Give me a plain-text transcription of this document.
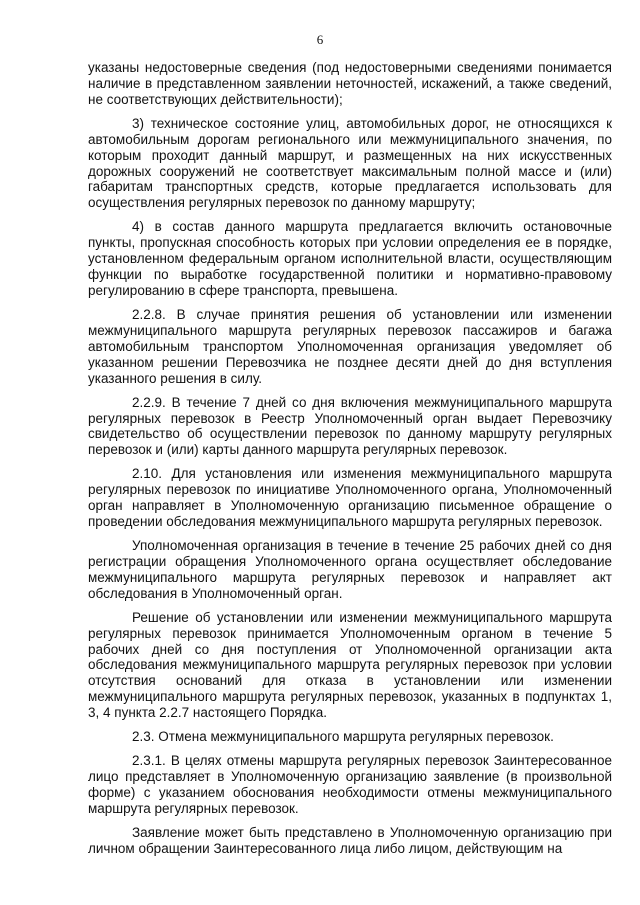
6

указаны недостоверные сведения (под недостоверными сведениями понимается наличие в представленном заявлении неточностей, искажений, а также сведений, не соответствующих действительности);

3) техническое состояние улиц, автомобильных дорог, не относящихся к автомобильным дорогам регионального или межмуниципального значения, по которым проходит данный маршрут, и размещенных на них искусственных дорожных сооружений не соответствует максимальным полной массе и (или) габаритам транспортных средств, которые предлагается использовать для осуществления регулярных перевозок по данному маршруту;

4) в состав данного маршрута предлагается включить остановочные пункты, пропускная способность которых при условии определения ее в порядке, установленном федеральным органом исполнительной власти, осуществляющим функции по выработке государственной политики и нормативно-правовому регулированию в сфере транспорта, превышена.

2.2.8. В случае принятия решения об установлении или изменении межмуниципального маршрута регулярных перевозок пассажиров и багажа автомобильным транспортом Уполномоченная организация уведомляет об указанном решении Перевозчика не позднее десяти дней до дня вступления указанного решения в силу.

2.2.9. В течение 7 дней со дня включения межмуниципального маршрута регулярных перевозок в Реестр Уполномоченный орган выдает Перевозчику свидетельство об осуществлении перевозок по данному маршруту регулярных перевозок и (или) карты данного маршрута регулярных перевозок.

2.10. Для установления или изменения межмуниципального маршрута регулярных перевозок по инициативе Уполномоченного органа, Уполномоченный орган направляет в Уполномоченную организацию письменное обращение о проведении обследования межмуниципального маршрута регулярных перевозок.

Уполномоченная организация в течение в течение 25 рабочих дней со дня регистрации обращения Уполномоченного органа осуществляет обследование межмуниципального маршрута регулярных перевозок и направляет акт обследования в Уполномоченный орган.

Решение об установлении или изменении межмуниципального маршрута регулярных перевозок принимается Уполномоченным органом в течение 5 рабочих дней со дня поступления от Уполномоченной организации акта обследования межмуниципального маршрута регулярных перевозок при условии отсутствия оснований для отказа в установлении или изменении межмуниципального маршрута регулярных перевозок, указанных в подпунктах 1, 3, 4 пункта 2.2.7 настоящего Порядка.

2.3. Отмена межмуниципального маршрута регулярных перевозок.

2.3.1. В целях отмены маршрута регулярных перевозок Заинтересованное лицо представляет в Уполномоченную организацию заявление (в произвольной форме) с указанием обоснования необходимости отмены межмуниципального маршрута регулярных перевозок.

Заявление может быть представлено в Уполномоченную организацию при личном обращении Заинтересованного лица либо лицом, действующим на
